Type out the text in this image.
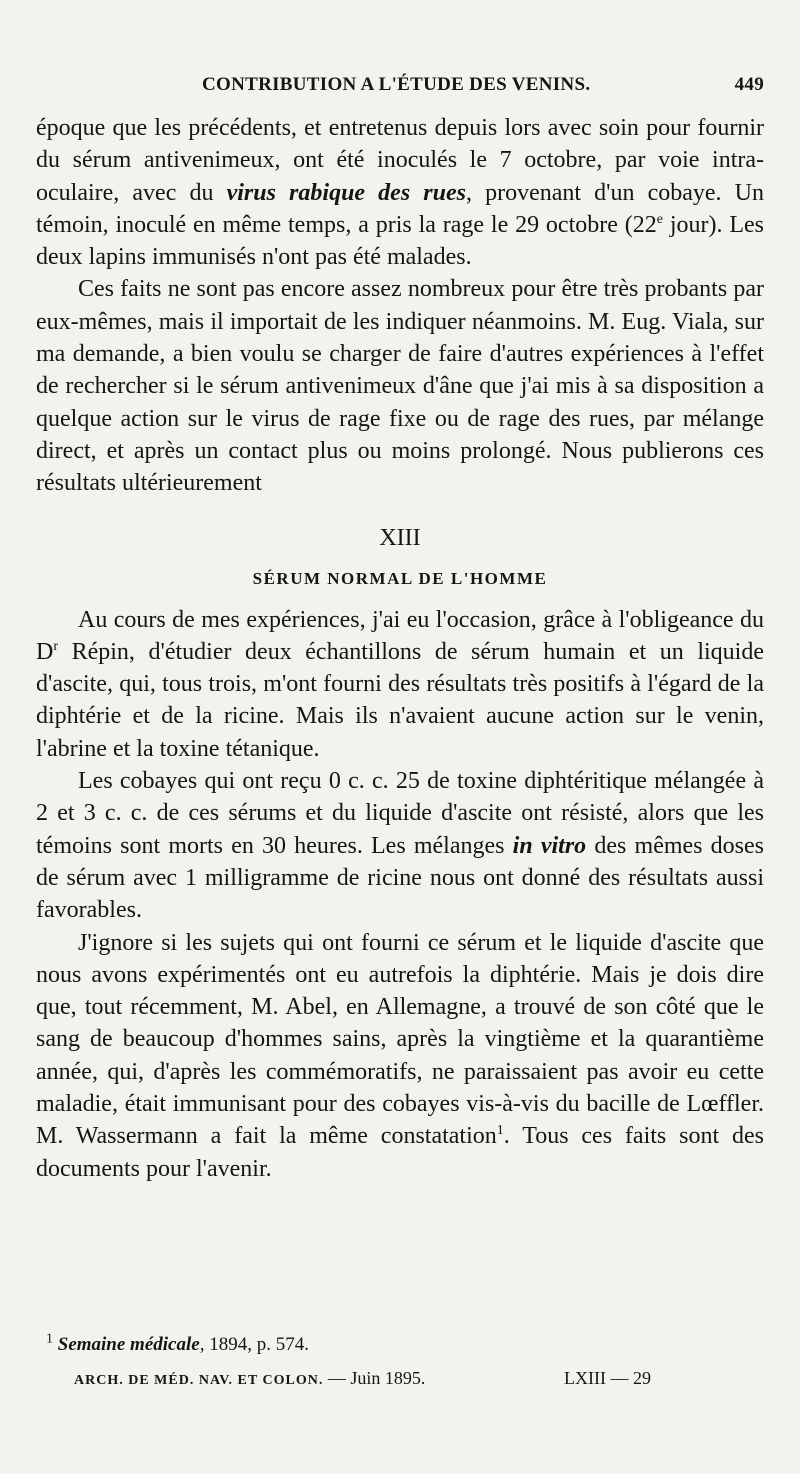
CONTRIBUTION A L'ÉTUDE DES VENINS.	449

époque que les précédents, et entretenus depuis lors avec soin pour fournir du sérum antivenimeux, ont été inoculés le 7 octobre, par voie intra-oculaire, avec du virus rabique des rues, provenant d'un cobaye. Un témoin, inoculé en même temps, a pris la rage le 29 octobre (22e jour). Les deux lapins immunisés n'ont pas été malades.

Ces faits ne sont pas encore assez nombreux pour être très probants par eux-mêmes, mais il importait de les indiquer néanmoins. M. Eug. Viala, sur ma demande, a bien voulu se charger de faire d'autres expériences à l'effet de rechercher si le sérum antivenimeux d'âne que j'ai mis à sa disposition a quelque action sur le virus de rage fixe ou de rage des rues, par mélange direct, et après un contact plus ou moins prolongé. Nous publierons ces résultats ultérieurement

XIII
SÉRUM NORMAL DE L'HOMME

Au cours de mes expériences, j'ai eu l'occasion, grâce à l'obligeance du $D^r$ Répin, d'étudier deux échantillons de sérum humain et un liquide d'ascite, qui, tous trois, m'ont fourni des résultats très positifs à l'égard de la diphtérie et de la ricine. Mais ils n'avaient aucune action sur le venin, l'abrine et la toxine tétanique.

Les cobayes qui ont reçu 0 c. c. 25 de toxine diphtéritique mélangée à 2 et 3 c. c. de ces sérums et du liquide d'ascite ont résisté, alors que les témoins sont morts en 30 heures. Les mélanges in vitro des mêmes doses de sérum avec 1 milligramme de ricine nous ont donné des résultats aussi favorables.

J'ignore si les sujets qui ont fourni ce sérum et le liquide d'ascite que nous avons expérimentés ont eu autrefois la diphtérie. Mais je dois dire que, tout récemment, M. Abel, en Allemagne, a trouvé de son côté que le sang de beaucoup d'hommes sains, après la vingtième et la quarantième année, qui, d'après les commémoratifs, ne paraissaient pas avoir eu cette maladie, était immunisant pour des cobayes vis-à-vis du bacille de Lœffler. M. Wassermann a fait la même constatation$^1$. Tous ces faits sont des documents pour l'avenir.

$^1$ Semaine médicale, 1894, p. 574.
ARCH. DE MÉD. NAV. ET COLON. — Juin 1895.	LXIII — 29
